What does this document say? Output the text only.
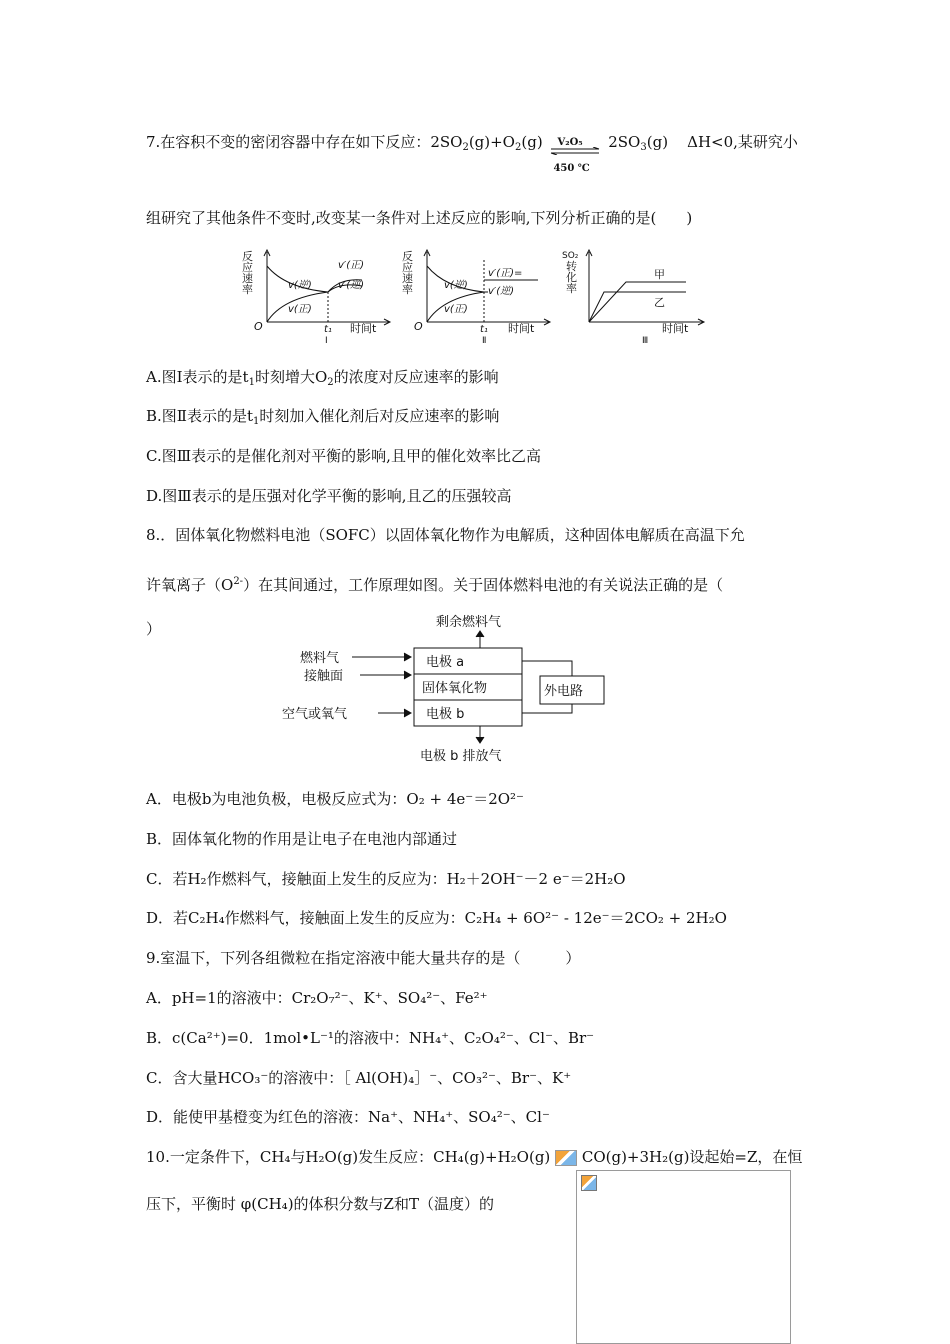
7.在容积不变的密闭容器中存在如下反应：$2SO_2(g)+O_2(g)$ V₂O₅
450 ℃
$2SO_3(g)$ ΔH<0,某研究小
组研究了其他条件不变时,改变某一条件对上述反应的影响,下列分析正确的是(　　)
反
应
速
率
O
v(逆)
v(正)
v′(正)
v′(逆)
t₁ 时间t
Ⅰ
反
应
速
率
O
v(逆)
v(正)
v′(正)=
v′(逆)
t₁ 时间t
Ⅱ
SO₂
转
化
率
甲
乙
时间t
Ⅲ
A.图Ⅰ表示的是$t_1$时刻增大$O_2$的浓度对反应速率的影响
B.图Ⅱ表示的是$t_1$时刻加入催化剂后对反应速率的影响
C.图Ⅲ表示的是催化剂对平衡的影响,且甲的催化效率比乙高
D.图Ⅲ表示的是压强对化学平衡的影响,且乙的压强较高
8.．固体氧化物燃料电池（SOFC）以固体氧化物作为电解质，这种固体电解质在高温下允
许氧离子$(O^{2-})$在其间通过，工作原理如图。关于固体燃料电池的有关说法正确的是（
）	剩余燃料气
电极 a
固体氧化物
电极 b
燃料气
接触面
空气或氧气
外电路
电极 b 排放气
A．电极b为电池负极，电极反应式为：O₂ + 4e⁻＝2O²⁻
B．固体氧化物的作用是让电子在电池内部通过
C．若H₂作燃料气，接触面上发生的反应为：H₂＋2OH⁻－2 e⁻＝2H₂O
D．若C₂H₄作燃料气，接触面上发生的反应为：C₂H₄ + 6O²⁻ - 12e⁻＝2CO₂ + 2H₂O
9.室温下，下列各组微粒在指定溶液中能大量共存的是（　　　）
A．pH=1的溶液中：Cr₂O₇²⁻、K⁺、SO₄²⁻、Fe²⁺
B．c(Ca²⁺)=0．1mol•L⁻¹的溶液中：NH₄⁺、C₂O₄²⁻、Cl⁻、Br⁻
C．含大量HCO₃⁻的溶液中：［ Al(OH)₄］⁻、CO₃²⁻、Br⁻、K⁺
D．能使甲基橙变为红色的溶液：Na⁺、NH₄⁺、SO₄²⁻、Cl⁻
10.一定条件下，CH₄与H₂O(g)发生反应：CH₄(g)+H₂O(g) CO(g)+3H₂(g)设起始=Z，在恒
压下，平衡时 φ(CH₄)的体积分数与Z和T（温度）的
